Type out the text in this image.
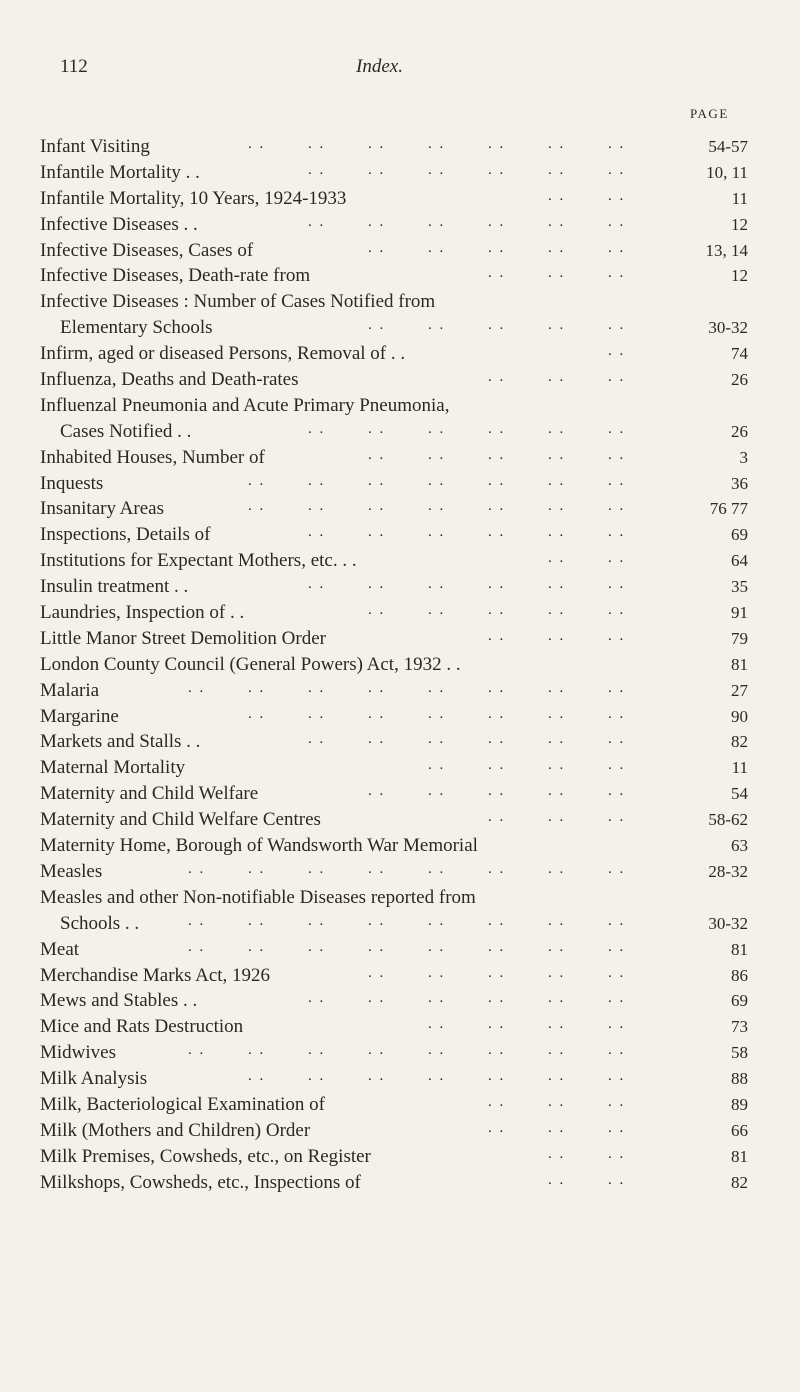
112	Index.
PAGE
. .	. .	. .	. .	. .	. .	. .
Infant Visiting	54-57
. .	. .	. .	. .	. .	. .
Infantile Mortality . .	10, 11
. .	. .
Infantile Mortality, 10 Years, 1924-1933	11
. .	. .	. .	. .	. .	. .
Infective Diseases . .	12
. .	. .	. .	. .	. .
Infective Diseases, Cases of	13, 14
. .	. .	. .
Infective Diseases, Death-rate from	12
Infective Diseases : Number of Cases Notified from
. .	. .	. .	. .	. .
Elementary Schools	30-32
. .
Infirm, aged or diseased Persons, Removal of . .	74
. .	. .	. .
Influenza, Deaths and Death-rates	26
Influenzal Pneumonia and Acute Primary Pneumonia,
. .	. .	. .	. .	. .	. .
Cases Notified . .	26
. .	. .	. .	. .	. .
Inhabited Houses, Number of	3
. .	. .	. .	. .	. .	. .	. .
Inquests	36
. .	. .	. .	. .	. .	. .	. .
Insanitary Areas	76 77
. .	. .	. .	. .	. .	. .
Inspections, Details of	69
. .	. .
Institutions for Expectant Mothers, etc. . .	64
. .	. .	. .	. .	. .	. .
Insulin treatment . .	35
. .	. .	. .	. .	. .
Laundries, Inspection of . .	91
. .	. .	. .
Little Manor Street Demolition Order	79
London County Council (General Powers) Act, 1932 . .	81
. .	. .	. .	. .	. .	. .	. .	. .
Malaria	27
. .	. .	. .	. .	. .	. .	. .
Margarine	90
. .	. .	. .	. .	. .	. .
Markets and Stalls . .	82
. .	. .	. .	. .
Maternal Mortality	11
. .	. .	. .	. .	. .
Maternity and Child Welfare	54
. .	. .	. .
Maternity and Child Welfare Centres	58-62
Maternity Home, Borough of Wandsworth War Memorial	63
. .	. .	. .	. .	. .	. .	. .	. .
Measles	28-32
Measles and other Non-notifiable Diseases reported from
. .	. .	. .	. .	. .	. .	. .	. .
Schools . .	30-32
. .	. .	. .	. .	. .	. .	. .	. .
Meat	81
. .	. .	. .	. .	. .
Merchandise Marks Act, 1926	86
. .	. .	. .	. .	. .	. .
Mews and Stables . .	69
. .	. .	. .	. .
Mice and Rats Destruction	73
. .	. .	. .	. .	. .	. .	. .	. .
Midwives	58
. .	. .	. .	. .	. .	. .	. .
Milk Analysis	88
. .	. .	. .
Milk, Bacteriological Examination of	89
. .	. .	. .
Milk (Mothers and Children) Order	66
. .	. .
Milk Premises, Cowsheds, etc., on Register	81
. .	. .
Milkshops, Cowsheds, etc., Inspections of	82
